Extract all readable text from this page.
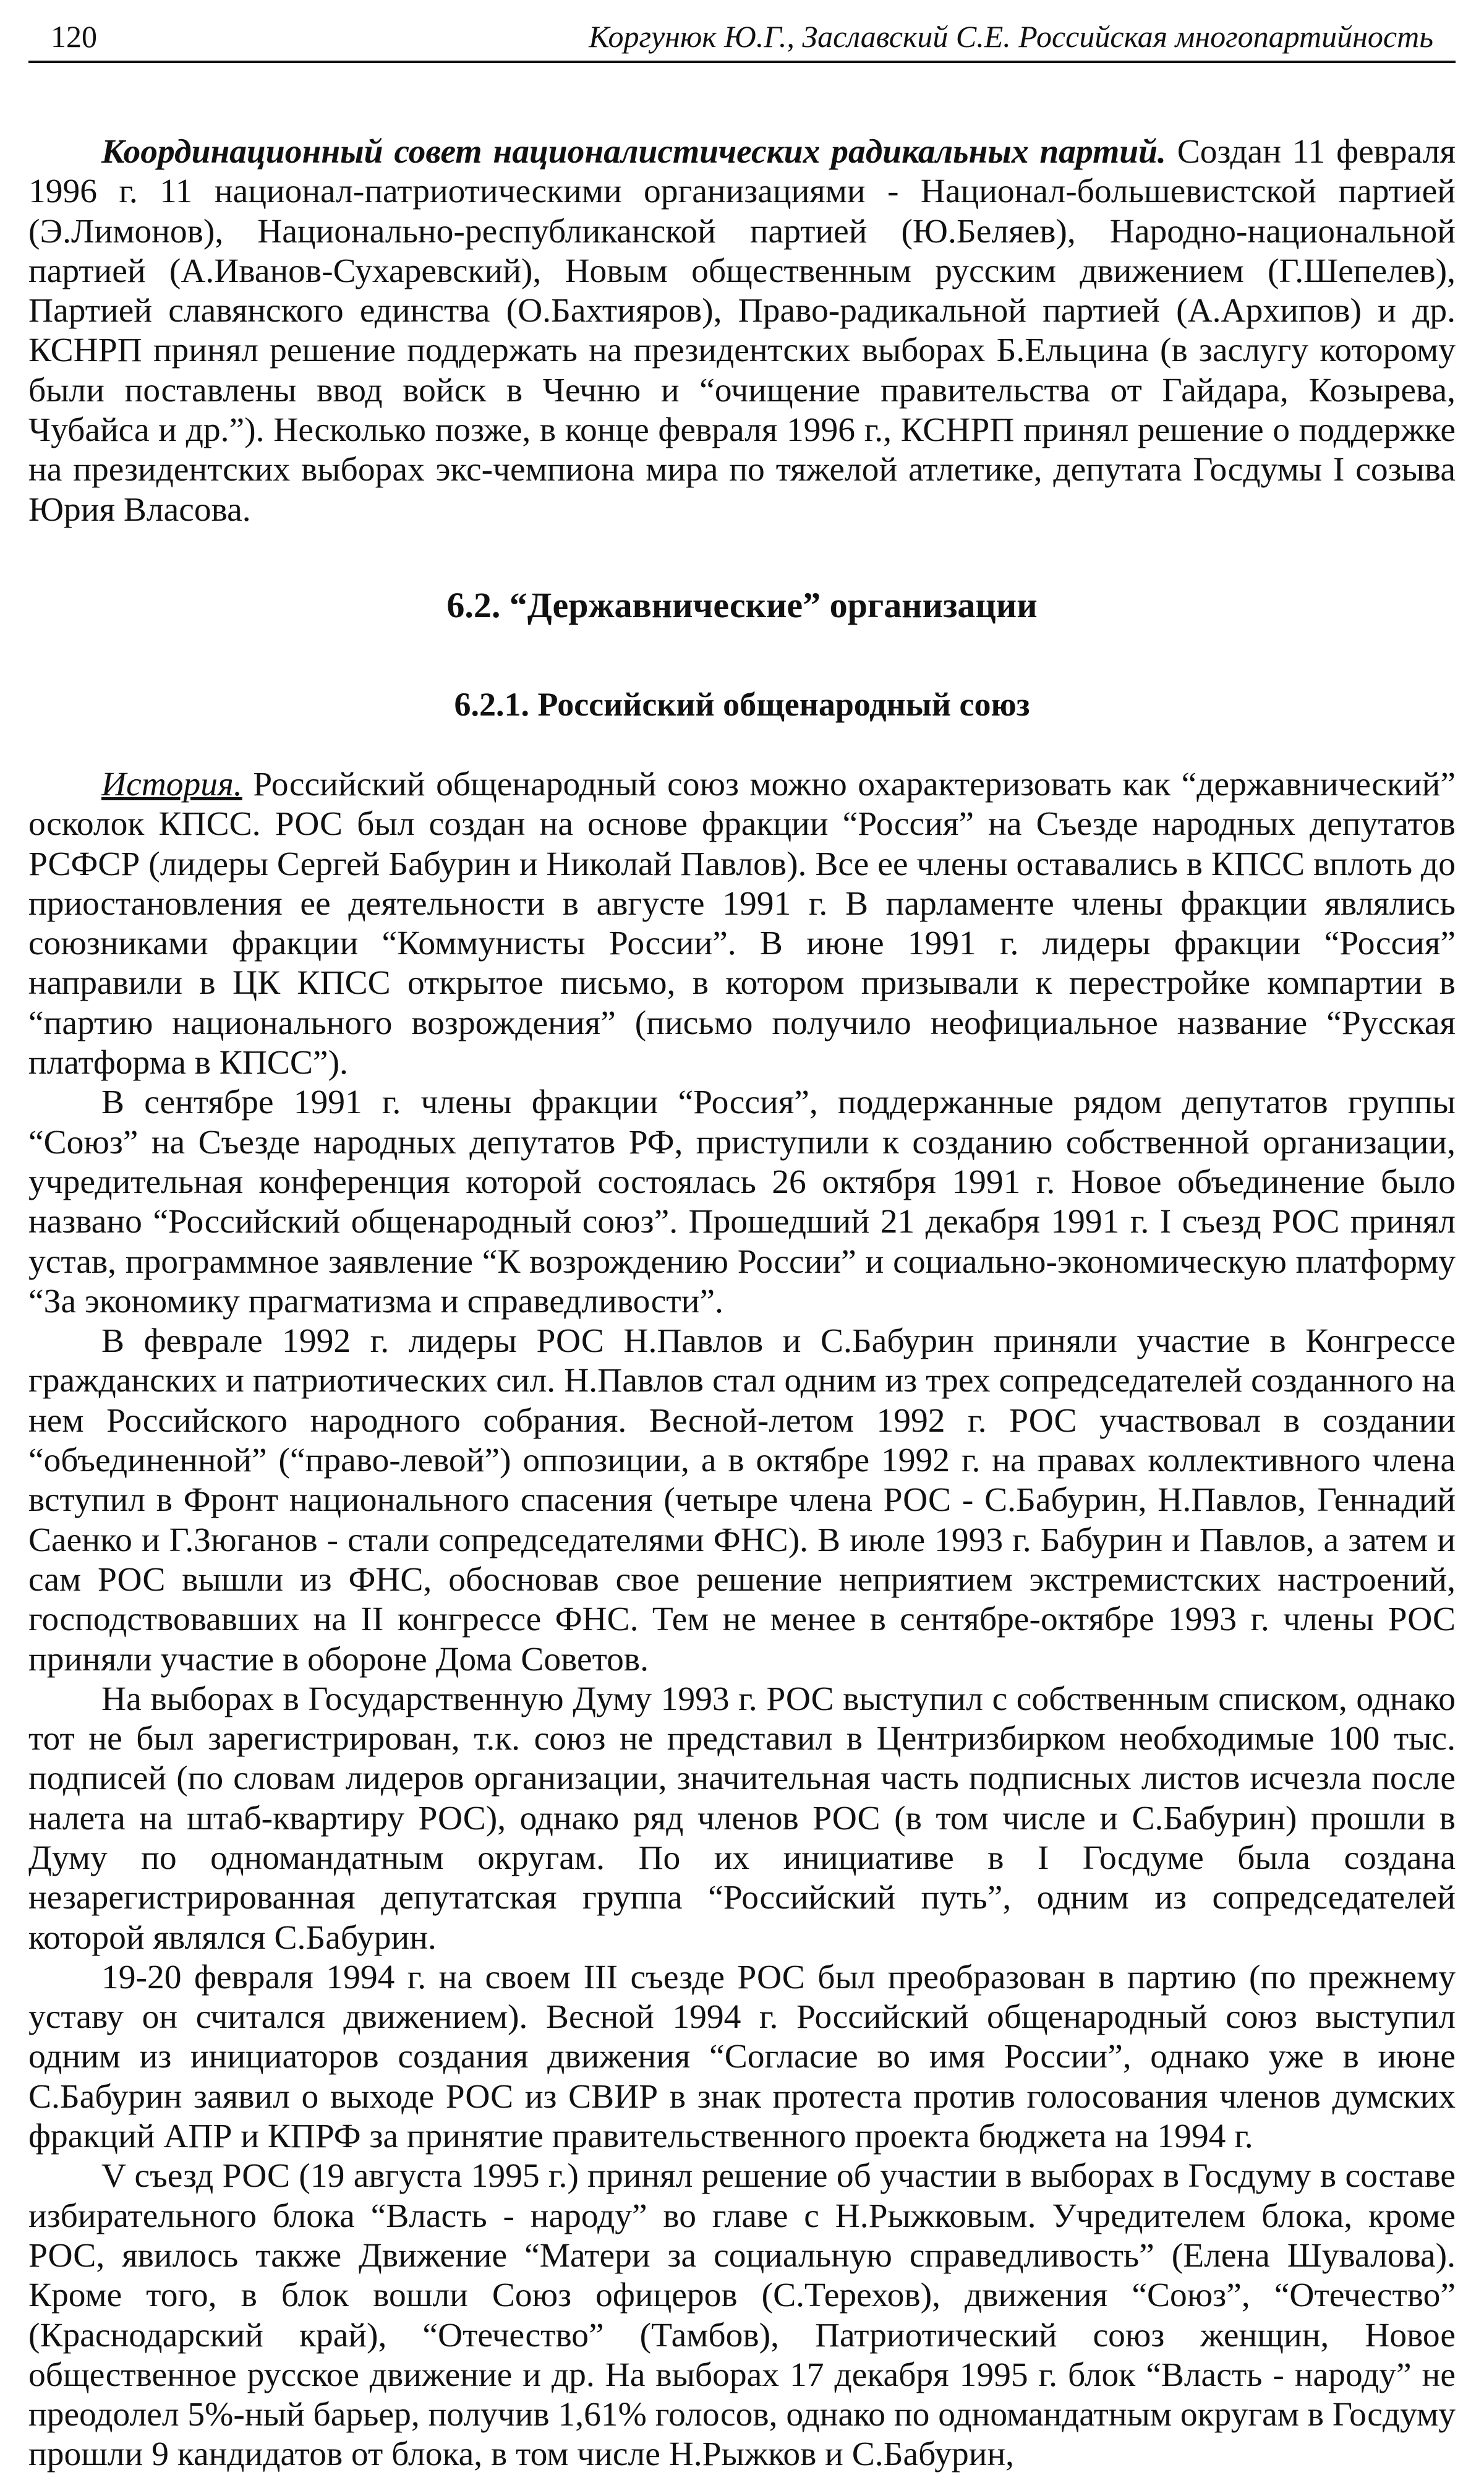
120	Коргунюк Ю.Г., Заславский С.Е. Российская многопартийность

Координационный совет националистических радикальных партий. Создан 11 февраля 1996 г. 11 национал-патриотическими организациями - Национал-большевистской партией (Э.Лимонов), Национально-республиканской партией (Ю.Беляев), Народно-национальной партией (А.Иванов-Сухаревский), Новым общественным русским движением (Г.Шепелев), Партией славянского единства (О.Бахтияров), Право-радикальной партией (А.Архипов) и др. КСНРП принял решение поддержать на президентских выборах Б.Ельцина (в заслугу которому были поставлены ввод войск в Чечню и “очищение правительства от Гайдара, Козырева, Чубайса и др.”). Несколько позже, в конце февраля 1996 г., КСНРП принял решение о поддержке на президентских выборах экс-чемпиона мира по тяжелой атлетике, депутата Госдумы I созыва Юрия Власова.

6.2. “Державнические” организации
6.2.1. Российский общенародный союз

История. Российский общенародный союз можно охарактеризовать как “державнический” осколок КПСС. РОС был создан на основе фракции “Россия” на Съезде народных депутатов РСФСР (лидеры Сергей Бабурин и Николай Павлов). Все ее члены оставались в КПСС вплоть до приостановления ее деятельности в августе 1991 г. В парламенте члены фракции являлись союзниками фракции “Коммунисты России”. В июне 1991 г. лидеры фракции “Россия” направили в ЦК КПСС открытое письмо, в котором призывали к перестройке компартии в “партию национального возрождения” (письмо получило неофициальное название “Русская платформа в КПСС”).

В сентябре 1991 г. члены фракции “Россия”, поддержанные рядом депутатов группы “Союз” на Съезде народных депутатов РФ, приступили к созданию собственной организации, учредительная конференция которой состоялась 26 октября 1991 г. Новое объединение было названо “Российский общенародный союз”. Прошедший 21 декабря 1991 г. I съезд РОС принял устав, программное заявление “К возрождению России” и социально-экономическую платформу “За экономику прагматизма и справедливости”.

В феврале 1992 г. лидеры РОС Н.Павлов и С.Бабурин приняли участие в Конгрессе гражданских и патриотических сил. Н.Павлов стал одним из трех сопредседателей созданного на нем Российского народного собрания. Весной-летом 1992 г. РОС участвовал в создании “объединенной” (“право-левой”) оппозиции, а в октябре 1992 г. на правах коллективного члена вступил в Фронт национального спасения (четыре члена РОС - С.Бабурин, Н.Павлов, Геннадий Саенко и Г.Зюганов - стали сопредседателями ФНС). В июле 1993 г. Бабурин и Павлов, а затем и сам РОС вышли из ФНС, обосновав свое решение неприятием экстремистских настроений, господствовавших на II конгрессе ФНС. Тем не менее в сентябре-октябре 1993 г. члены РОС приняли участие в обороне Дома Советов.

На выборах в Государственную Думу 1993 г. РОС выступил с собственным списком, однако тот не был зарегистрирован, т.к. союз не представил в Центризбирком необходимые 100 тыс. подписей (по словам лидеров организации, значительная часть подписных листов исчезла после налета на штаб-квартиру РОС), однако ряд членов РОС (в том числе и С.Бабурин) прошли в Думу по одномандатным округам. По их инициативе в I Госдуме была создана незарегистрированная депутатская группа “Российский путь”, одним из сопредседателей которой являлся С.Бабурин.

19-20 февраля 1994 г. на своем III съезде РОС был преобразован в партию (по прежнему уставу он считался движением). Весной 1994 г. Российский общенародный союз выступил одним из инициаторов создания движения “Согласие во имя России”, однако уже в июне С.Бабурин заявил о выходе РОС из СВИР в знак протеста против голосования членов думских фракций АПР и КПРФ за принятие правительственного проекта бюджета на 1994 г.

V съезд РОС (19 августа 1995 г.) принял решение об участии в выборах в Госдуму в составе избирательного блока “Власть - народу” во главе с Н.Рыжковым. Учредителем блока, кроме РОС, явилось также Движение “Матери за социальную справедливость” (Елена Шувалова). Кроме того, в блок вошли Союз офицеров (С.Терехов), движения “Союз”, “Отечество” (Краснодарский край), “Отечество” (Тамбов), Патриотический союз женщин, Новое общественное русское движение и др. На выборах 17 декабря 1995 г. блок “Власть - народу” не преодолел 5%-ный барьер, получив 1,61% голосов, однако по одномандатным округам в Госдуму прошли 9 кандидатов от блока, в том числе Н.Рыжков и С.Бабурин,
